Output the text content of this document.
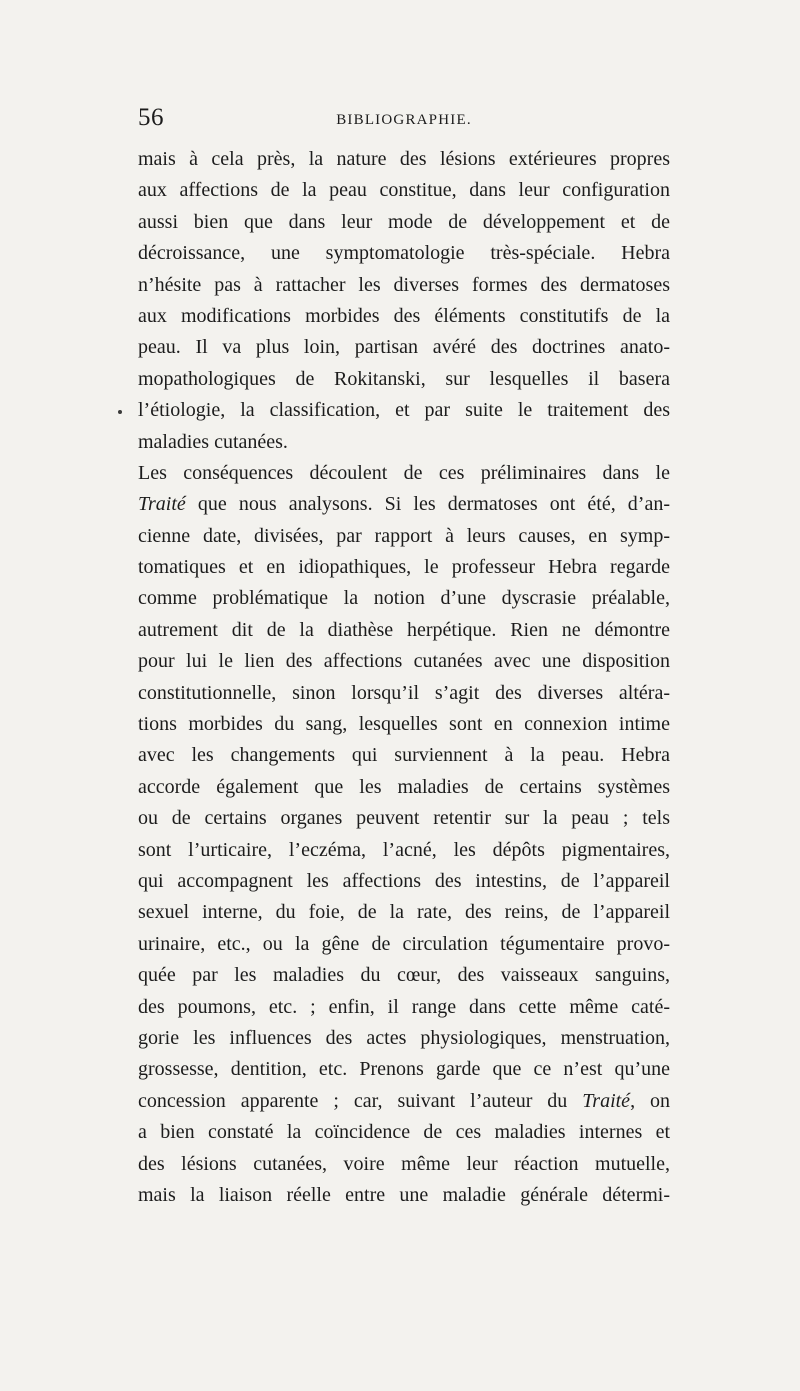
56	BIBLIOGRAPHIE.
mais à cela près, la nature des lésions extérieures propres
aux affections de la peau constitue, dans leur configuration
aussi bien que dans leur mode de développement et de
décroissance, une symptomatologie très-spéciale. Hebra
n’hésite pas à rattacher les diverses formes des dermatoses
aux modifications morbides des éléments constitutifs de la
peau. Il va plus loin, partisan avéré des doctrines anato-
mopathologiques de Rokitanski, sur lesquelles il basera
l’étiologie, la classification, et par suite le traitement des
maladies cutanées.
Les conséquences découlent de ces préliminaires dans le
Traité que nous analysons. Si les dermatoses ont été, d’an-
cienne date, divisées, par rapport à leurs causes, en symp-
tomatiques et en idiopathiques, le professeur Hebra regarde
comme problématique la notion d’une dyscrasie préalable,
autrement dit de la diathèse herpétique. Rien ne démontre
pour lui le lien des affections cutanées avec une disposition
constitutionnelle, sinon lorsqu’il s’agit des diverses altéra-
tions morbides du sang, lesquelles sont en connexion intime
avec les changements qui surviennent à la peau. Hebra
accorde également que les maladies de certains systèmes
ou de certains organes peuvent retentir sur la peau ; tels
sont l’urticaire, l’eczéma, l’acné, les dépôts pigmentaires,
qui accompagnent les affections des intestins, de l’appareil
sexuel interne, du foie, de la rate, des reins, de l’appareil
urinaire, etc., ou la gêne de circulation tégumentaire provo-
quée par les maladies du cœur, des vaisseaux sanguins,
des poumons, etc. ; enfin, il range dans cette même caté-
gorie les influences des actes physiologiques, menstruation,
grossesse, dentition, etc. Prenons garde que ce n’est qu’une
concession apparente ; car, suivant l’auteur du Traité, on
a bien constaté la coïncidence de ces maladies internes et
des lésions cutanées, voire même leur réaction mutuelle,
mais la liaison réelle entre une maladie générale détermi-
